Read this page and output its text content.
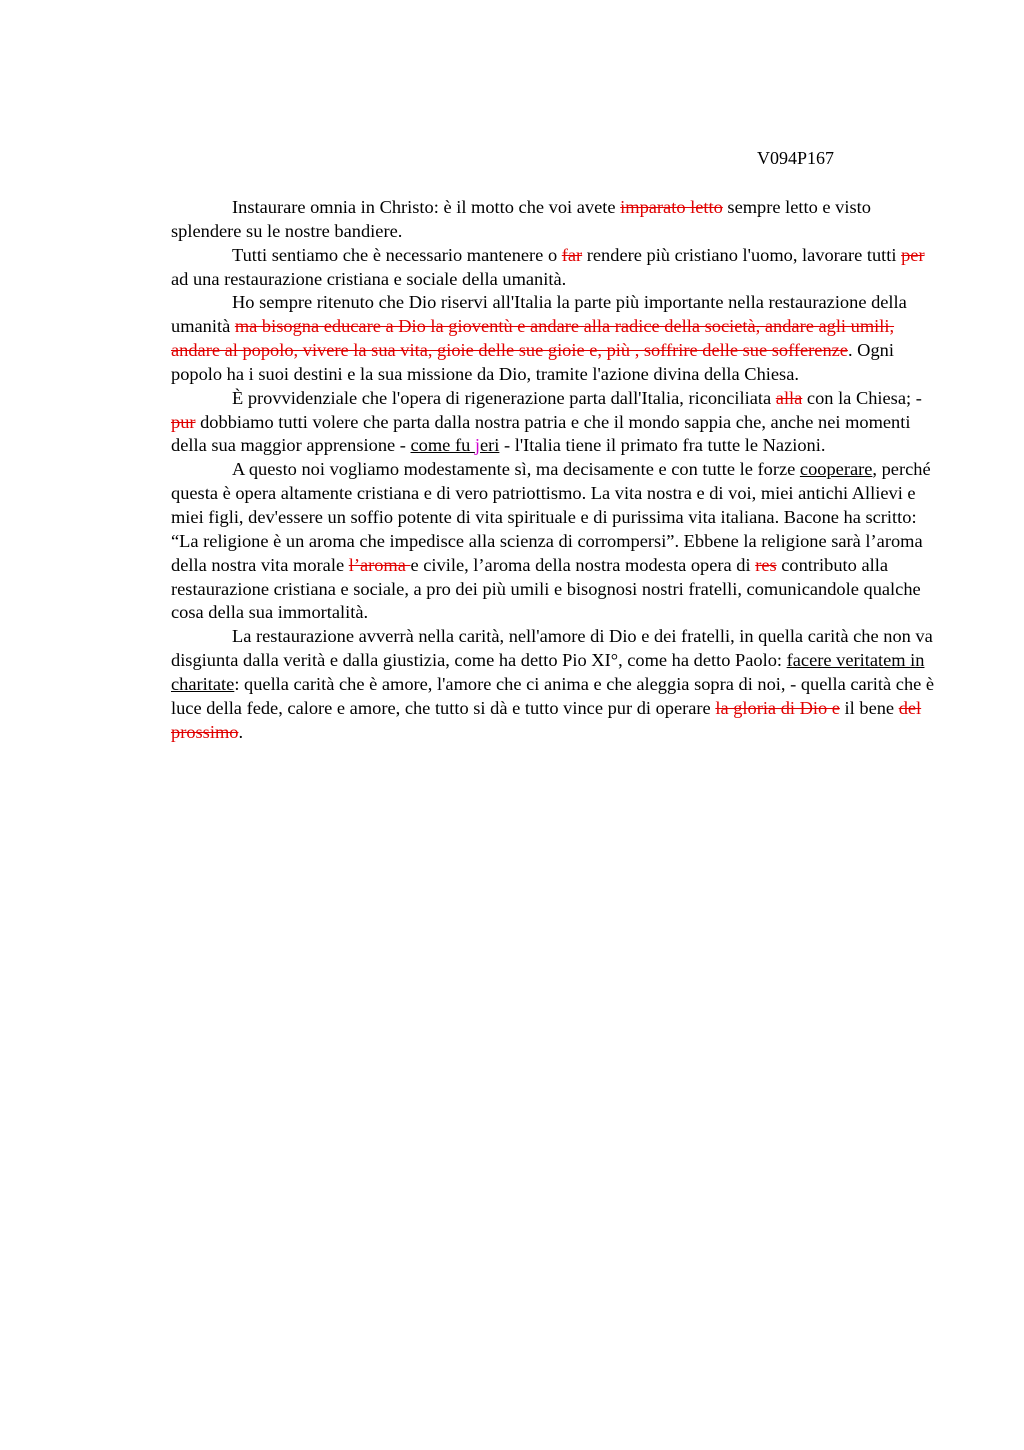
V094P167

Instaurare omnia in Christo: è il motto che voi avete imparato letto sempre letto e visto splendere su le nostre bandiere.

Tutti sentiamo che è necessario mantenere o far rendere più cristiano l'uomo, lavorare tutti per ad una restaurazione cristiana e sociale della umanità.

Ho sempre ritenuto che Dio riservi all'Italia la parte più importante nella restaurazione della umanità ma bisogna educare a Dio la gioventù e andare alla radice della società, andare agli umili, andare al popolo, vivere la sua vita, gioie delle sue gioie e, più , soffrire delle sue sofferenze. Ogni popolo ha i suoi destini e la sua missione da Dio, tramite l'azione divina della Chiesa.

È provvidenziale che l'opera di rigenerazione parta dall'Italia, riconciliata alla con la Chiesa; - pur dobbiamo tutti volere che parta dalla nostra patria e che il mondo sappia che, anche nei momenti della sua maggior apprensione - come fu jeri - l'Italia tiene il primato fra tutte le Nazioni.

A questo noi vogliamo modestamente sì, ma decisamente e con tutte le forze cooperare, perché questa è opera altamente cristiana e di vero patriottismo. La vita nostra e di voi, miei antichi Allievi e miei figli, dev'essere un soffio potente di vita spirituale e di purissima vita italiana. Bacone ha scritto: “La religione è un aroma che impedisce alla scienza di corrompersi”. Ebbene la religione sarà l’aroma della nostra vita morale l’aroma e civile, l’aroma della nostra modesta opera di res contributo alla restaurazione cristiana e sociale, a pro dei più umili e bisognosi nostri fratelli, comunicandole qualche cosa della sua immortalità.

La restaurazione avverrà nella carità, nell'amore di Dio e dei fratelli, in quella carità che non va disgiunta dalla verità e dalla giustizia, come ha detto Pio XI°, come ha detto Paolo: facere veritatem in charitate: quella carità che è amore, l'amore che ci anima e che aleggia sopra di noi, - quella carità che è luce della fede, calore e amore, che tutto si dà e tutto vince pur di operare la gloria di Dio e il bene del prossimo.
